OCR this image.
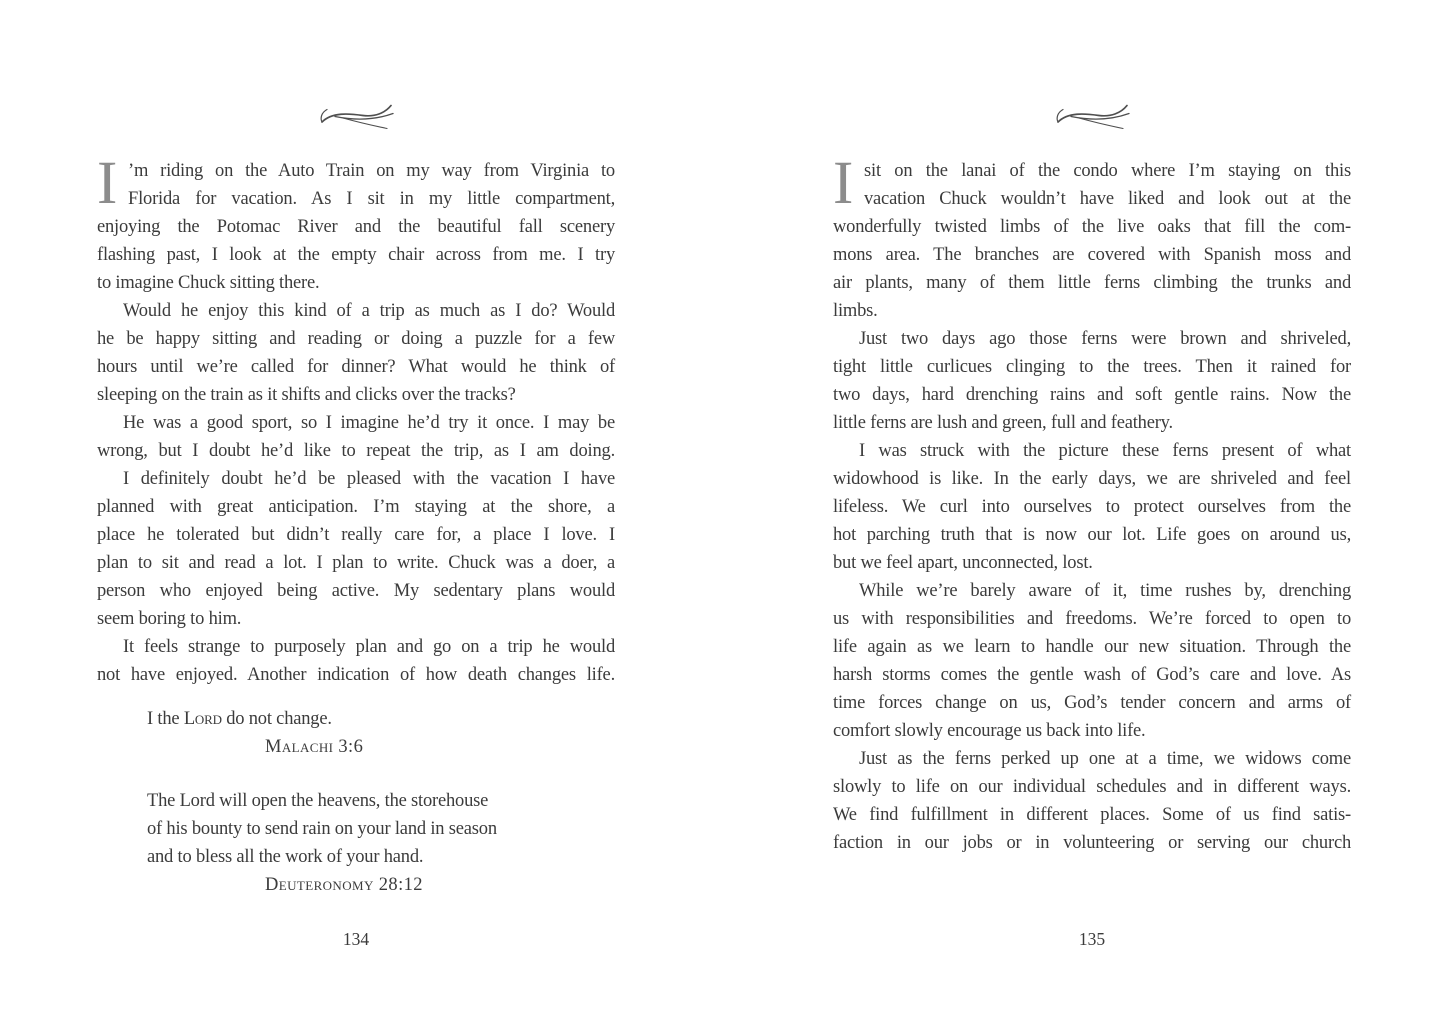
I ’m riding on the Auto Train on my way from Virginia to
Florida for vacation. As I sit in my little compartment,
enjoying the Potomac River and the beautiful fall scenery
flashing past, I look at the empty chair across from me. I try
to imagine Chuck sitting there.
Would he enjoy this kind of a trip as much as I do? Would
he be happy sitting and reading or doing a puzzle for a few
hours until we’re called for dinner? What would he think of
sleeping on the train as it shifts and clicks over the tracks?
He was a good sport, so I imagine he’d try it once. I may be
wrong, but I doubt he’d like to repeat the trip, as I am doing.
I definitely doubt he’d be pleased with the vacation I have
planned with great anticipation. I’m staying at the shore, a
place he tolerated but didn’t really care for, a place I love. I
plan to sit and read a lot. I plan to write. Chuck was a doer, a
person who enjoyed being active. My sedentary plans would
seem boring to him.
It feels strange to purposely plan and go on a trip he would
not have enjoyed. Another indication of how death changes life.
I the Lord do not change.
Malachi 3:6
The Lord will open the heavens, the storehouse
of his bounty to send rain on your land in season
and to bless all the work of your hand.
Deuteronomy 28:12
134
I sit on the lanai of the condo where I’m staying on this
vacation Chuck wouldn’t have liked and look out at the
wonderfully twisted limbs of the live oaks that fill the com-
mons area. The branches are covered with Spanish moss and
air plants, many of them little ferns climbing the trunks and
limbs.
Just two days ago those ferns were brown and shriveled,
tight little curlicues clinging to the trees. Then it rained for
two days, hard drenching rains and soft gentle rains. Now the
little ferns are lush and green, full and feathery.
I was struck with the picture these ferns present of what
widowhood is like. In the early days, we are shriveled and feel
lifeless. We curl into ourselves to protect ourselves from the
hot parching truth that is now our lot. Life goes on around us,
but we feel apart, unconnected, lost.
While we’re barely aware of it, time rushes by, drenching
us with responsibilities and freedoms. We’re forced to open to
life again as we learn to handle our new situation. Through the
harsh storms comes the gentle wash of God’s care and love. As
time forces change on us, God’s tender concern and arms of
comfort slowly encourage us back into life.
Just as the ferns perked up one at a time, we widows come
slowly to life on our individual schedules and in different ways.
We find fulfillment in different places. Some of us find satis-
faction in our jobs or in volunteering or serving our church
135
